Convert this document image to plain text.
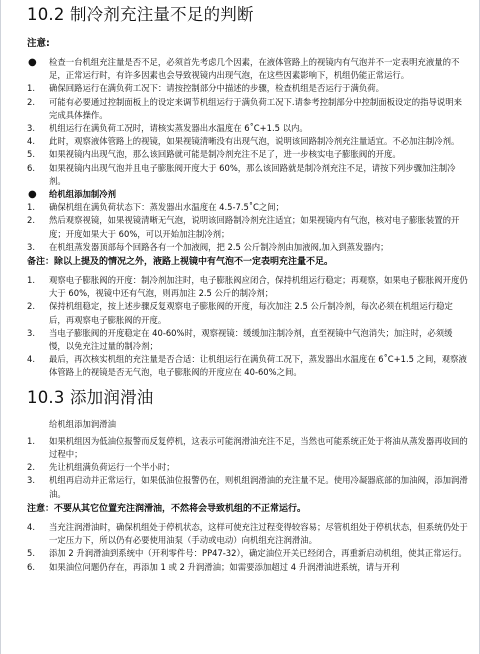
10.2 制冷剂充注量不足的判断
注意:
●	检查一台机组充注量是否不足，必须首先考虑几个因素，在液体管路上的视镜内有气泡并不一定表明充液量的不足，正常运行时，有许多因素也会导致视镜内出现气泡，在这些因素影响下，机组仍能正常运行。
1.	确保回路运行在满负荷工况下：请按控制部分中描述的步骤，检查机组是否运行于满负荷。
2.	可能有必要通过控制面板上的设定来调节机组运行于满负荷工况下.请参考控制部分中控制面板设定的指导说明来完成具体操作。
3.	机组运行在满负荷工况时，请核实蒸发器出水温度在 6˚C+1.5 以内。
4.	此时，观察液体管路上的视镜，如果视镜清晰没有出现气泡，说明该回路制冷剂充注量适宜。不必加注制冷剂。
5.	如果视镜内出现气泡，那么该回路就可能是制冷剂充注不足了，进一步核实电子膨胀阀的开度。
6.	如果视镜内出现气泡并且电子膨胀阀开度大于 60%，那么该回路就是制冷剂充注不足，请按下列步骤加注制冷剂。
●	给机组添加制冷剂
1.	确保机组在满负荷状态下：蒸发器出水温度在 4.5-7.5˚C之间；
2.	然后观察视镜，如果视镜清晰无气泡，说明该回路制冷剂充注适宜；如果视镜内有气泡，核对电子膨胀装置的开度；开度如果大于 60%，可以开始加注制冷剂；
3.	在机组蒸发器顶部每个回路各有一个加液阀，把 2.5 公斤制冷剂由加液阀,加入到蒸发器内；
备注：除以上提及的情况之外，液路上视镜中有气泡不一定表明充注量不足。
1.	观察电子膨胀阀的开度：制冷剂加注时，电子膨胀阀应闭合，保持机组运行稳定；再观察，如果电子膨胀阀开度仍大于 60%，视镜中还有气泡，则再加注 2.5 公斤的制冷剂；
2.	保持机组稳定，按上述步骤反复观察电子膨胀阀的开度，每次加注 2.5 公斤制冷剂，每次必须在机组运行稳定后，再观察电子膨胀阀的开度。
3.	当电子膨胀阀的开度稳定在 40-60%时，观察视镜：缓缓加注制冷剂，直至视镜中气泡消失；加注时，必须缓慢，以免充注过量的制冷剂；
4.	最后，再次核实机组的充注量是否合适：让机组运行在满负荷工况下，蒸发器出水温度在 6˚C+1.5 之间，观察液体管路上的视镜是否无气泡，电子膨胀阀的开度应在 40-60%之间。
10.3 添加润滑油
给机组添加润滑油
1.	如果机组因为低油位报警而反复停机，这表示可能润滑油充注不足，当然也可能系统正处于将油从蒸发器再收回的过程中；
2.	先让机组满负荷运行一个半小时；
3.	机组再启动并正常运行，如果低油位报警仍在，则机组润滑油的充注量不足。使用冷凝器底部的加油阀，添加润滑油。
注意：不要从其它位置充注润滑油，不然将会导致机组的不正常运行。
4.	当充注润滑油时，确保机组处于停机状态，这样可使充注过程变得较容易；尽管机组处于停机状态，但系统仍处于一定压力下，所以仍有必要使用油泵（手动或电动）向机组充注润滑油。
5.	添加 2 升润滑油到系统中（开利零件号：PP47-32），确定油位开关已经闭合，再重新启动机组，使其正常运行。
6.	如果油位问题仍存在，再添加 1 或 2 升润滑油；如需要添加超过 4 升润滑油进系统，请与开利
